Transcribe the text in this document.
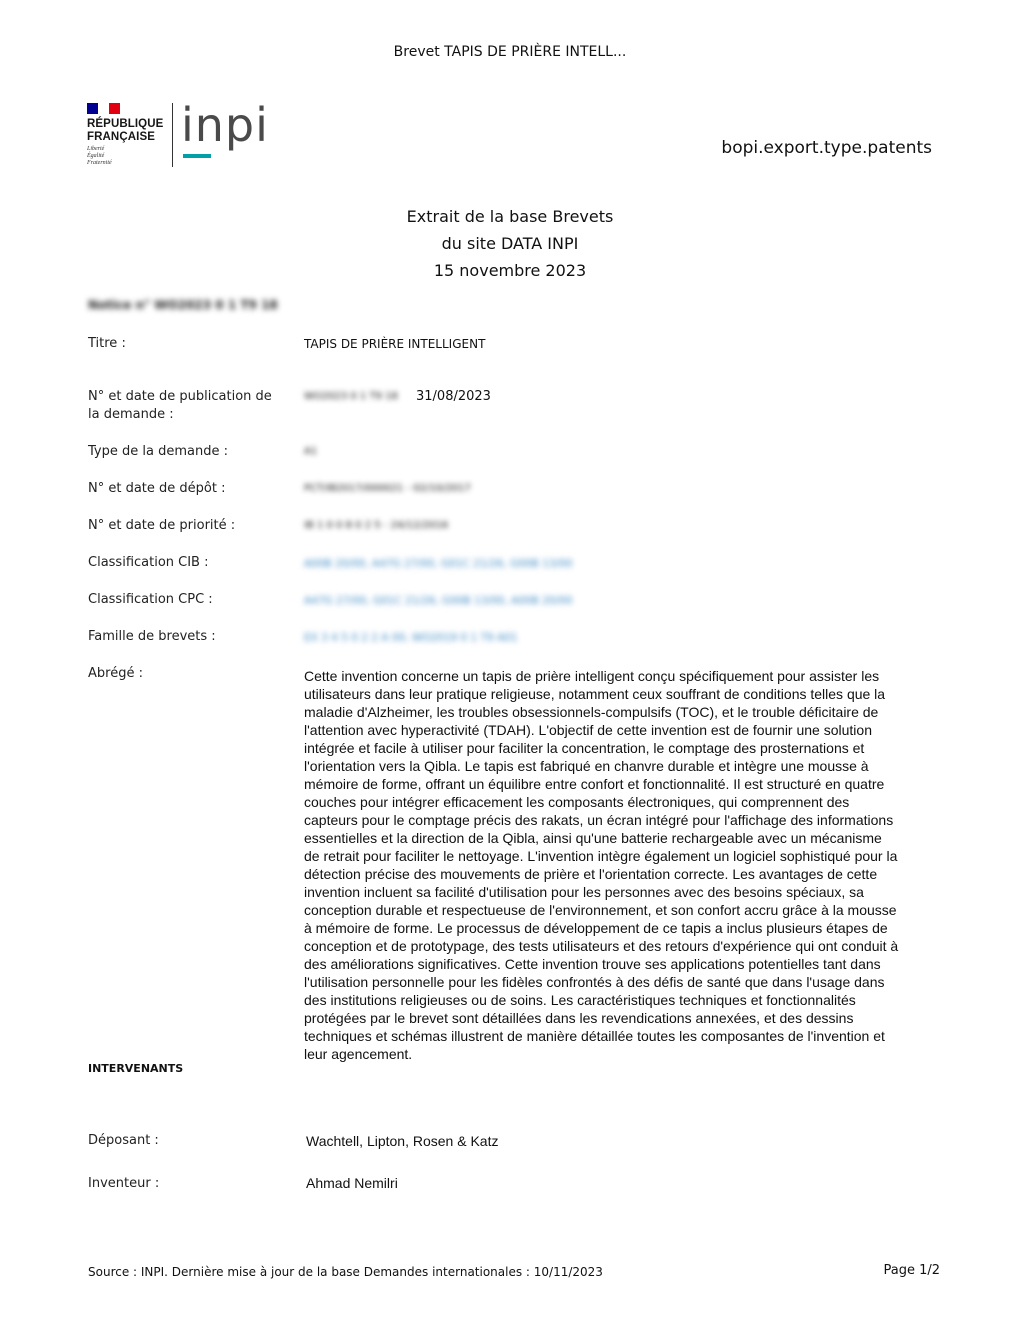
Brevet TAPIS DE PRIÈRE INTELL...
RÉPUBLIQUE
FRANÇAISE
Liberté
Égalité
Fraternité
inpi	bopi.export.type.patents
Extrait de la base Brevets
du site DATA INPI
15 novembre 2023
Notice n° WO2023 0 1 T9 18
Titre :	TAPIS DE PRIÈRE INTELLIGENT
N° et date de publication de la demande :
WO2023 0 1 T9 18 31/08/2023
Type de la demande :	A1
N° et date de dépôt :	PCT/IB2017/000021 - 02/10/2017
N° et date de priorité :	IB 1 0 0 8 0 2 5 - 24/12/2016
Classification CIB :	A00B 20/00, A47G 27/00, G01C 21/26, G00B 13/00
Classification CPC :	A47G 27/00, G01C 21/26, G00B 13/00, A00B 20/00
Famille de brevets :	EX 3 4 5 0 2 2 A 00, WO2019 0 1 T9 A01
Abrégé :	Cette invention concerne un tapis de prière intelligent conçu spécifiquement pour assister les utilisateurs dans leur pratique religieuse, notamment ceux souffrant de conditions telles que la maladie d'Alzheimer, les troubles obsessionnels-compulsifs (TOC), et le trouble déficitaire de l'attention avec hyperactivité (TDAH). L'objectif de cette invention est de fournir une solution intégrée et facile à utiliser pour faciliter la concentration, le comptage des prosternations et l'orientation vers la Qibla. Le tapis est fabriqué en chanvre durable et intègre une mousse à mémoire de forme, offrant un équilibre entre confort et fonctionnalité. Il est structuré en quatre couches pour intégrer efficacement les composants électroniques, qui comprennent des capteurs pour le comptage précis des rakats, un écran intégré pour l'affichage des informations essentielles et la direction de la Qibla, ainsi qu'une batterie rechargeable avec un mécanisme de retrait pour faciliter le nettoyage. L'invention intègre également un logiciel sophistiqué pour la détection précise des mouvements de prière et l'orientation correcte. Les avantages de cette invention incluent sa facilité d'utilisation pour les personnes avec des besoins spéciaux, sa conception durable et respectueuse de l'environnement, et son confort accru grâce à la mousse à mémoire de forme. Le processus de développement de ce tapis a inclus plusieurs étapes de conception et de prototypage, des tests utilisateurs et des retours d'expérience qui ont conduit à des améliorations significatives. Cette invention trouve ses applications potentielles tant dans l'utilisation personnelle pour les fidèles confrontés à des défis de santé que dans l'usage dans des institutions religieuses ou de soins. Les caractéristiques techniques et fonctionnalités protégées par le brevet sont détaillées dans les revendications annexées, et des dessins techniques et schémas illustrent de manière détaillée toutes les composantes de l'invention et leur agencement.
INTERVENANTS
Déposant :	Wachtell, Lipton, Rosen & Katz
Inventeur :	Ahmad Nemilri
Source : INPI. Dernière mise à jour de la base Demandes internationales : 10/11/2023	Page 1/2
